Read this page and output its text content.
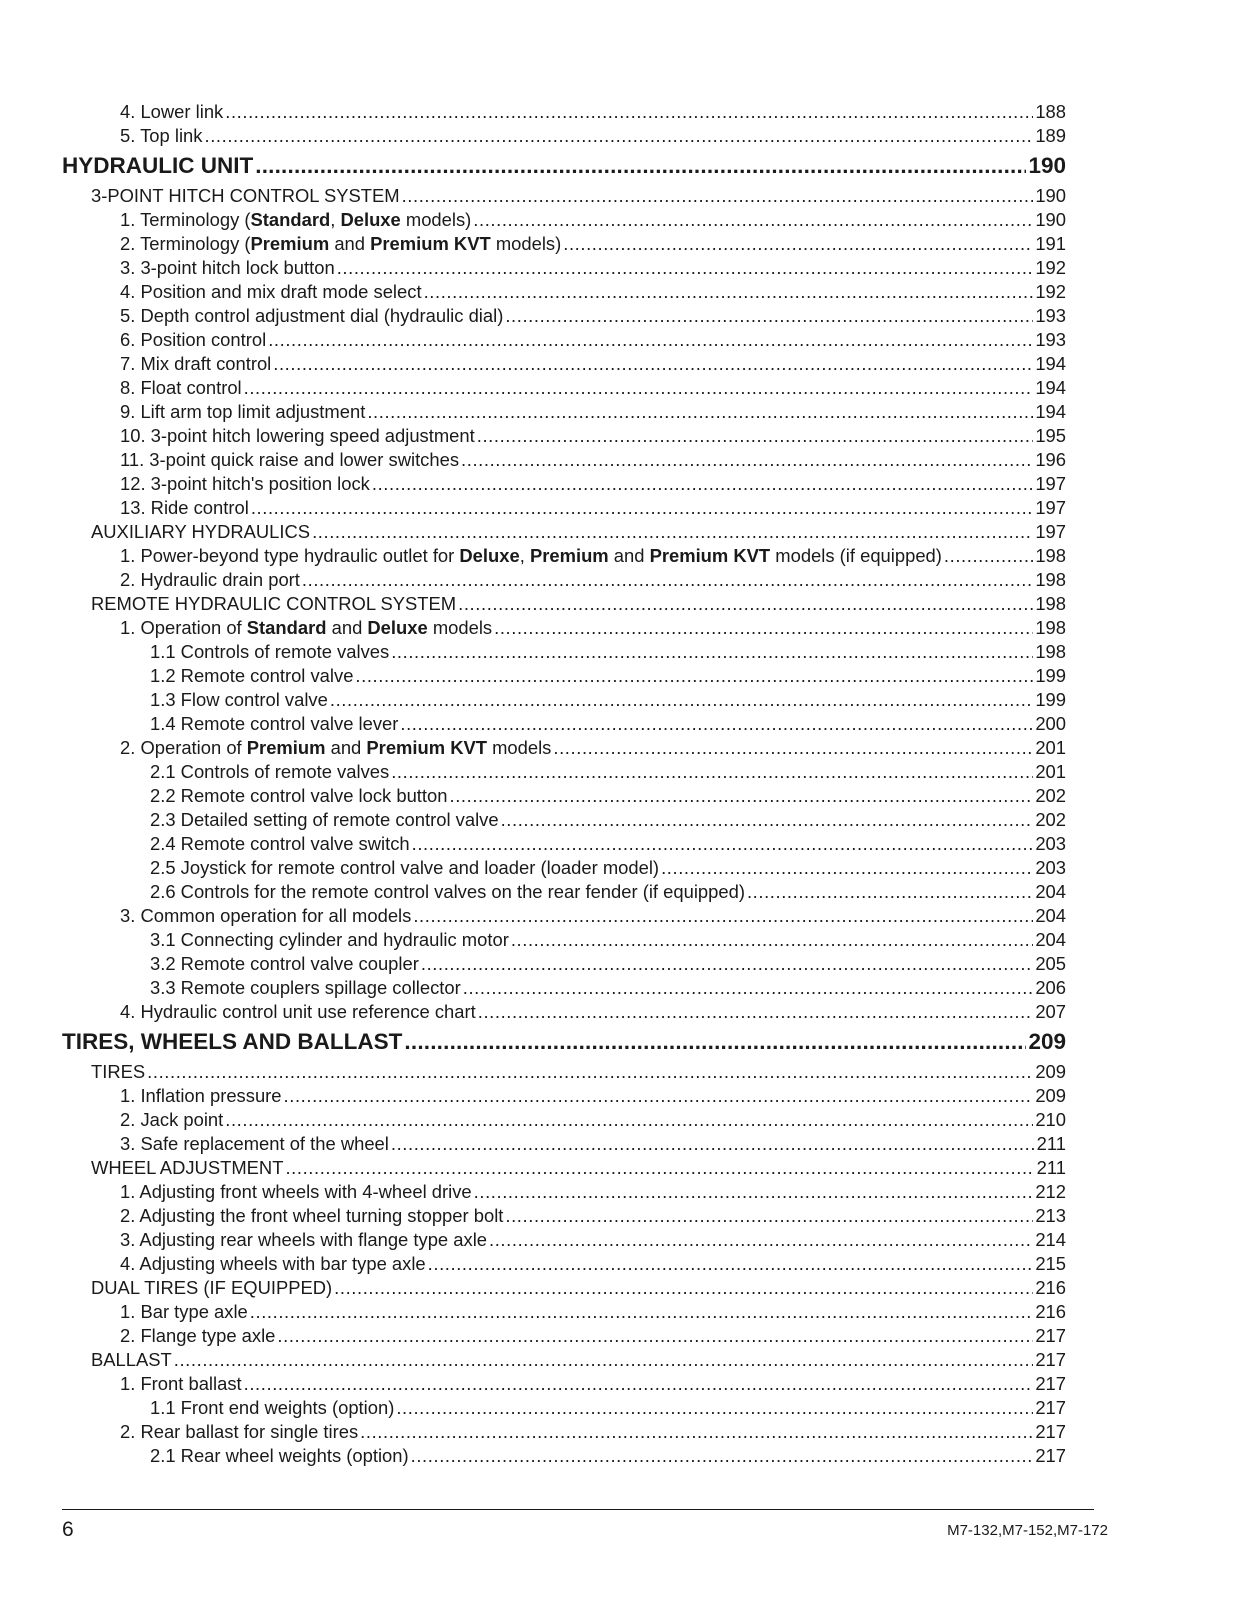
4. Lower link .....	188
5. Top link .....	189
HYDRAULIC UNIT .....	190
3-POINT HITCH CONTROL SYSTEM .....	190
1. Terminology (Standard, Deluxe models) .....	190
2. Terminology (Premium and Premium KVT models) .....	191
3. 3-point hitch lock button .....	192
4. Position and mix draft mode select .....	192
5. Depth control adjustment dial (hydraulic dial) .....	193
6. Position control .....	193
7. Mix draft control .....	194
8. Float control .....	194
9. Lift arm top limit adjustment .....	194
10. 3-point hitch lowering speed adjustment .....	195
11. 3-point quick raise and lower switches .....	196
12. 3-point hitch's position lock .....	197
13. Ride control .....	197
AUXILIARY HYDRAULICS .....	197
1. Power-beyond type hydraulic outlet for Deluxe, Premium and Premium KVT models (if equipped) .....	198
2. Hydraulic drain port .....	198
REMOTE HYDRAULIC CONTROL SYSTEM .....	198
1. Operation of Standard and Deluxe models .....	198
1.1 Controls of remote valves .....	198
1.2 Remote control valve .....	199
1.3 Flow control valve .....	199
1.4 Remote control valve lever .....	200
2. Operation of Premium and Premium KVT models .....	201
2.1 Controls of remote valves .....	201
2.2 Remote control valve lock button .....	202
2.3 Detailed setting of remote control valve .....	202
2.4 Remote control valve switch .....	203
2.5 Joystick for remote control valve and loader (loader model) .....	203
2.6 Controls for the remote control valves on the rear fender (if equipped) .....	204
3. Common operation for all models .....	204
3.1 Connecting cylinder and hydraulic motor .....	204
3.2 Remote control valve coupler .....	205
3.3 Remote couplers spillage collector .....	206
4. Hydraulic control unit use reference chart .....	207
TIRES, WHEELS AND BALLAST .....	209
TIRES .....	209
1. Inflation pressure .....	209
2. Jack point .....	210
3. Safe replacement of the wheel .....	211
WHEEL ADJUSTMENT .....	211
1. Adjusting front wheels with 4-wheel drive .....	212
2. Adjusting the front wheel turning stopper bolt .....	213
3. Adjusting rear wheels with flange type axle .....	214
4. Adjusting wheels with bar type axle .....	215
DUAL TIRES (IF EQUIPPED) .....	216
1. Bar type axle .....	216
2. Flange type axle .....	217
BALLAST .....	217
1. Front ballast .....	217
1.1 Front end weights (option) .....	217
2. Rear ballast for single tires .....	217
2.1 Rear wheel weights (option) .....	217
6	M7-132,M7-152,M7-172
